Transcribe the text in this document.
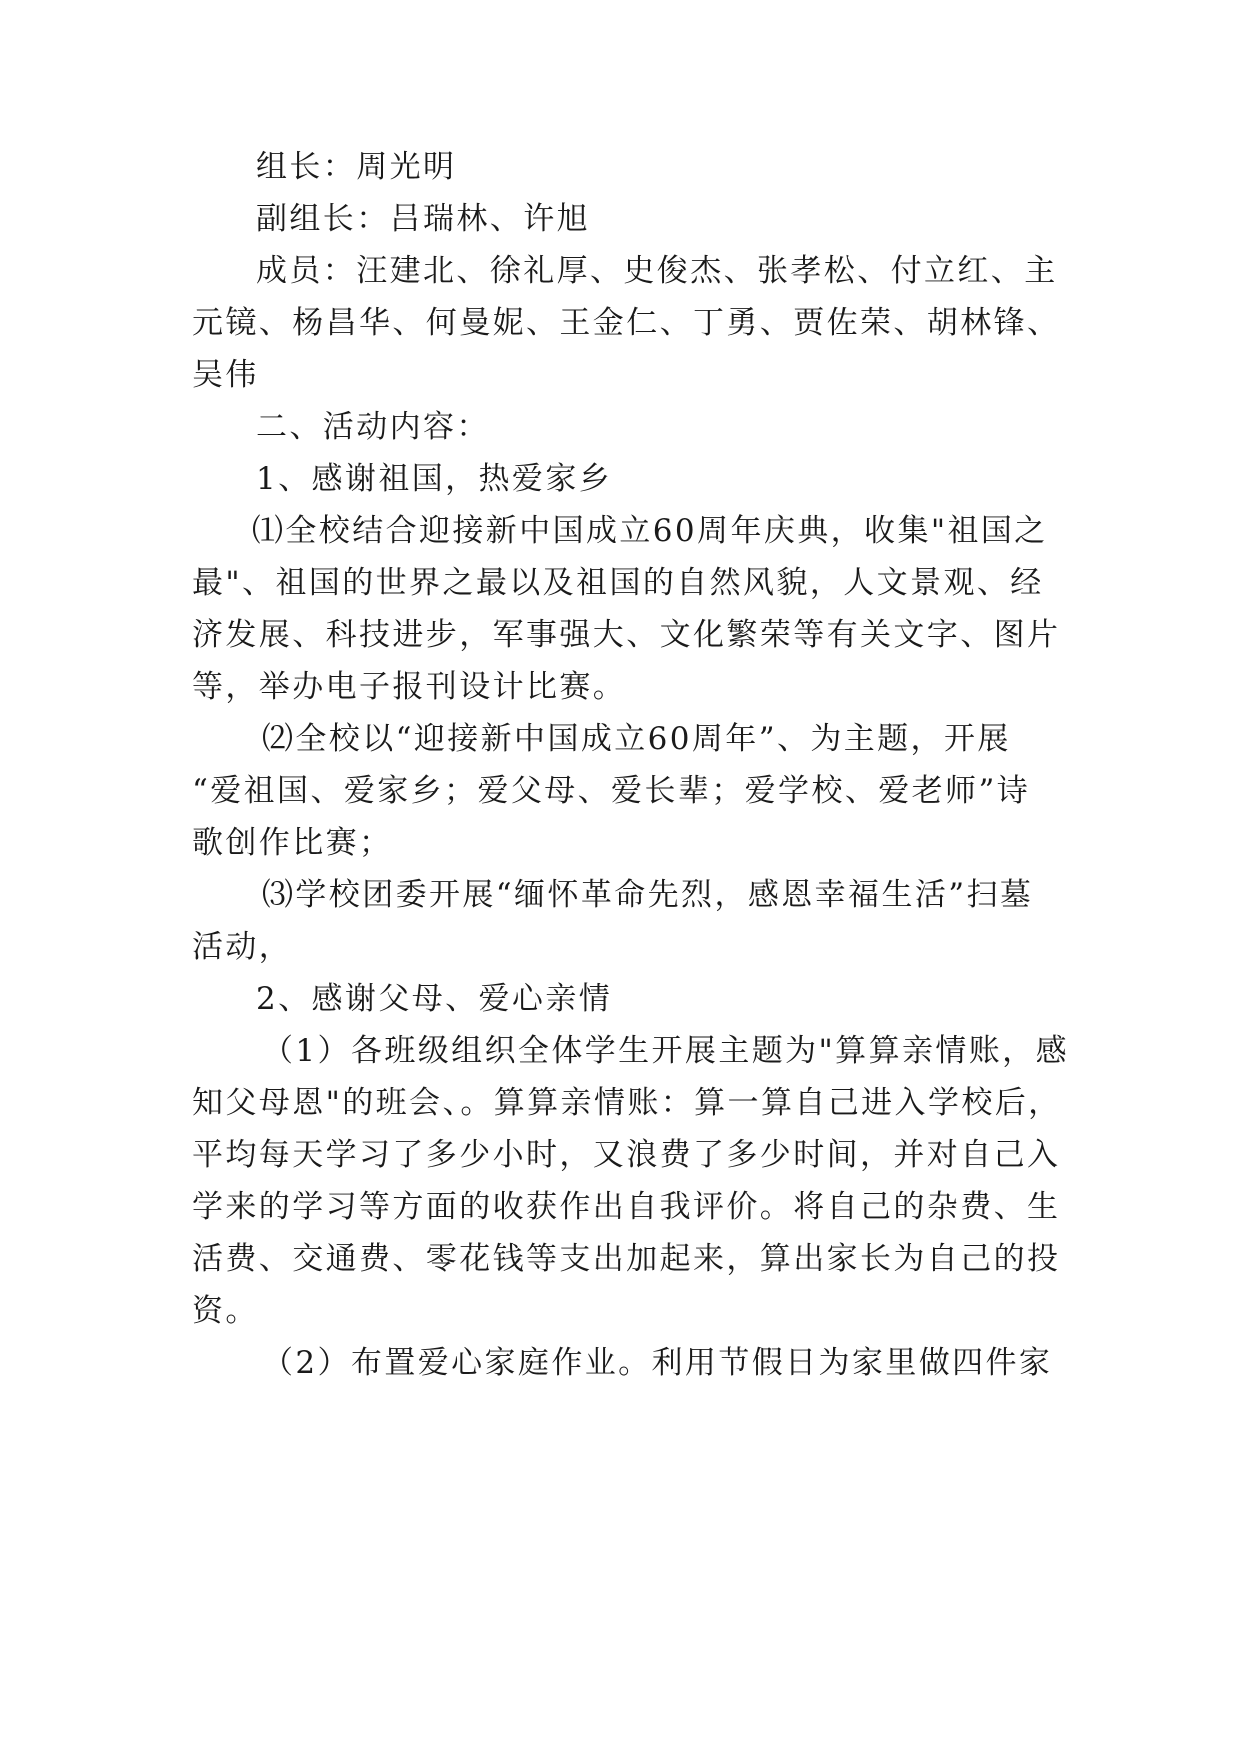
组长：周光明
副组长：吕瑞林、许旭
成员：汪建北、徐礼厚、史俊杰、张孝松、付立红、主
元镜、杨昌华、何曼妮、王金仁、丁勇、贾佐荣、胡林锋、
吴伟
二、活动内容：
1、感谢祖国，热爱家乡
⑴全校结合迎接新中国成立60周年庆典，收集"祖国之
最"、祖国的世界之最以及祖国的自然风貌，人文景观、经
济发展、科技进步，军事强大、文化繁荣等有关文字、图片
等，举办电子报刊设计比赛。
⑵全校以“迎接新中国成立60周年”、为主题，开展
“爱祖国、爱家乡；爱父母、爱长辈；爱学校、爱老师”诗
歌创作比赛；
⑶学校团委开展“缅怀革命先烈，感恩幸福生活”扫墓
活动，
2、感谢父母、爱心亲情
（1）各班级组织全体学生开展主题为"算算亲情账，感
知父母恩"的班会、。算算亲情账：算一算自己进入学校后，
平均每天学习了多少小时，又浪费了多少时间，并对自己入
学来的学习等方面的收获作出自我评价。将自己的杂费、生
活费、交通费、零花钱等支出加起来，算出家长为自己的投
资。
（2）布置爱心家庭作业。利用节假日为家里做四件家
